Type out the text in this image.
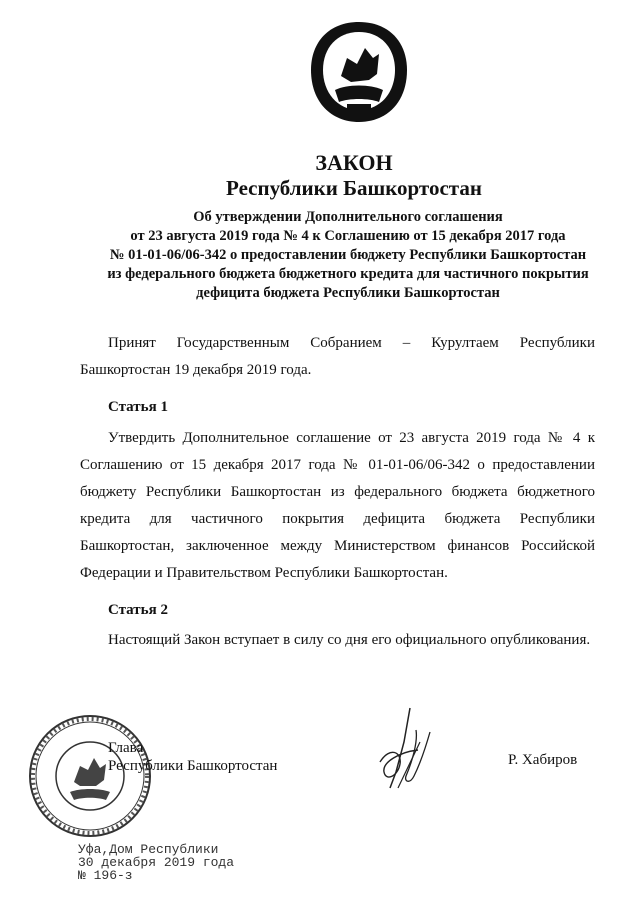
ЗАКОН
Республики Башкортостан
Об утверждении Дополнительного соглашения
от 23 августа 2019 года № 4 к Соглашению от 15 декабря 2017 года
№ 01-01-06/06-342 о предоставлении бюджету Республики Башкортостан
из федерального бюджета бюджетного кредита для частичного покрытия
дефицита бюджета Республики Башкортостан
Принят Государственным Собранием – Курултаем Республики Башкортостан 19 декабря 2019 года.
Статья 1
Утвердить Дополнительное соглашение от 23 августа 2019 года № 4 к Соглашению от 15 декабря 2017 года № 01-01-06/06-342 о предоставлении бюджету Республики Башкортостан из федерального бюджета бюджетного кредита для частичного покрытия дефицита бюджета Республики Башкортостан, заключенное между Министерством финансов Российской Федерации и Правительством Республики Башкортостан.
Статья 2
Настоящий Закон вступает в силу со дня его официального опубликования.
Глава
Республики Башкортостан	Р. Хабиров
Уфа,Дом Республики
30 декабря 2019 года
№ 196-з
